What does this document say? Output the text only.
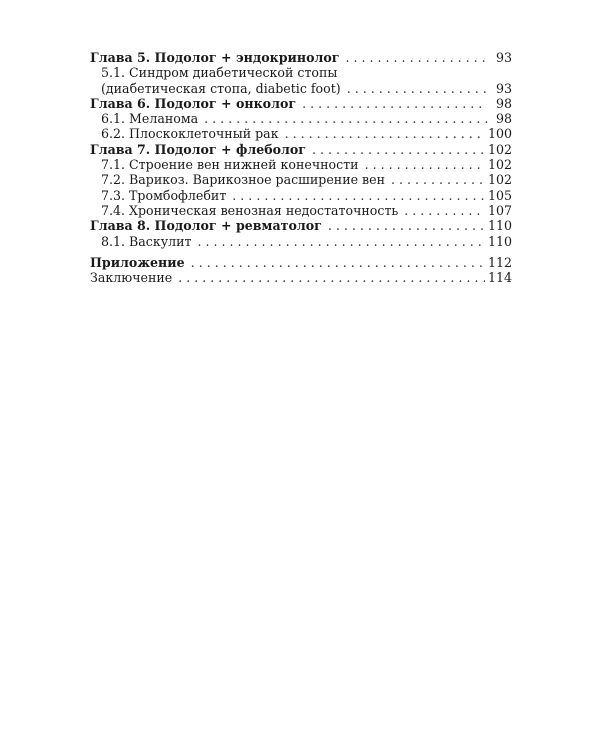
Глава 5. Подолог + эндокринолог . . .	93
5.1. Синдром диабетической стопы
(диабетическая стопа, diabetic foot) . . .	93
Глава 6. Подолог + онколог . . .	98
6.1. Меланома . . .	98
6.2. Плоскоклеточный рак . . .	100
Глава 7. Подолог + флеболог . . .	102
7.1. Строение вен нижней конечности . . .	102
7.2. Варикоз. Варикозное расширение вен . . .	102
7.3. Тромбофлебит . . .	105
7.4. Хроническая венозная недостаточность . . .	107
Глава 8. Подолог + ревматолог . . .	110
8.1. Васкулит . . .	110
Приложение . . .	112
Заключение . . .	114
